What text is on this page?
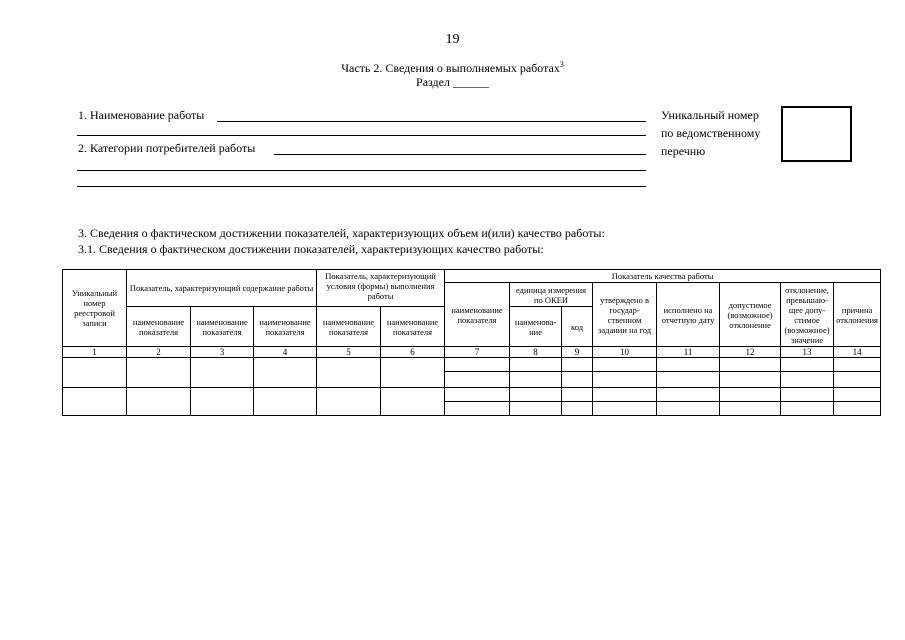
19
Часть 2. Сведения о выполняемых работах$^3$
Раздел ______
1. Наименование работы
2. Категории потребителей работы
Уникальный номер
по ведомственному
перечню
3. Сведения о фактическом достижении показателей, характеризующих объем и(или) качество работы:
3.1. Сведения о фактическом достижении показателей, характеризующих качество работы:
Уникальный номер реестровой записи	Показатель, характеризующий содержание работы			Показатель, характеризующий условия (формы) выполнения работы		Показатель качества работы							
						наименование показателя	единица измерения по ОКЕИ		утверждено в государ-ственном задании на год	исполнено на отчетную дату	допустимое (возможное) отклонение	отклонение, превышаю-щее допу-стимое (возможное) значение	причина отклонения
	наименование показателя	наименование показателя	наименование показателя	наименование показателя	наименование показателя		наименова-ние	код					
1	2	3	4	5	6	7	8	9	10	11	12	13	14
